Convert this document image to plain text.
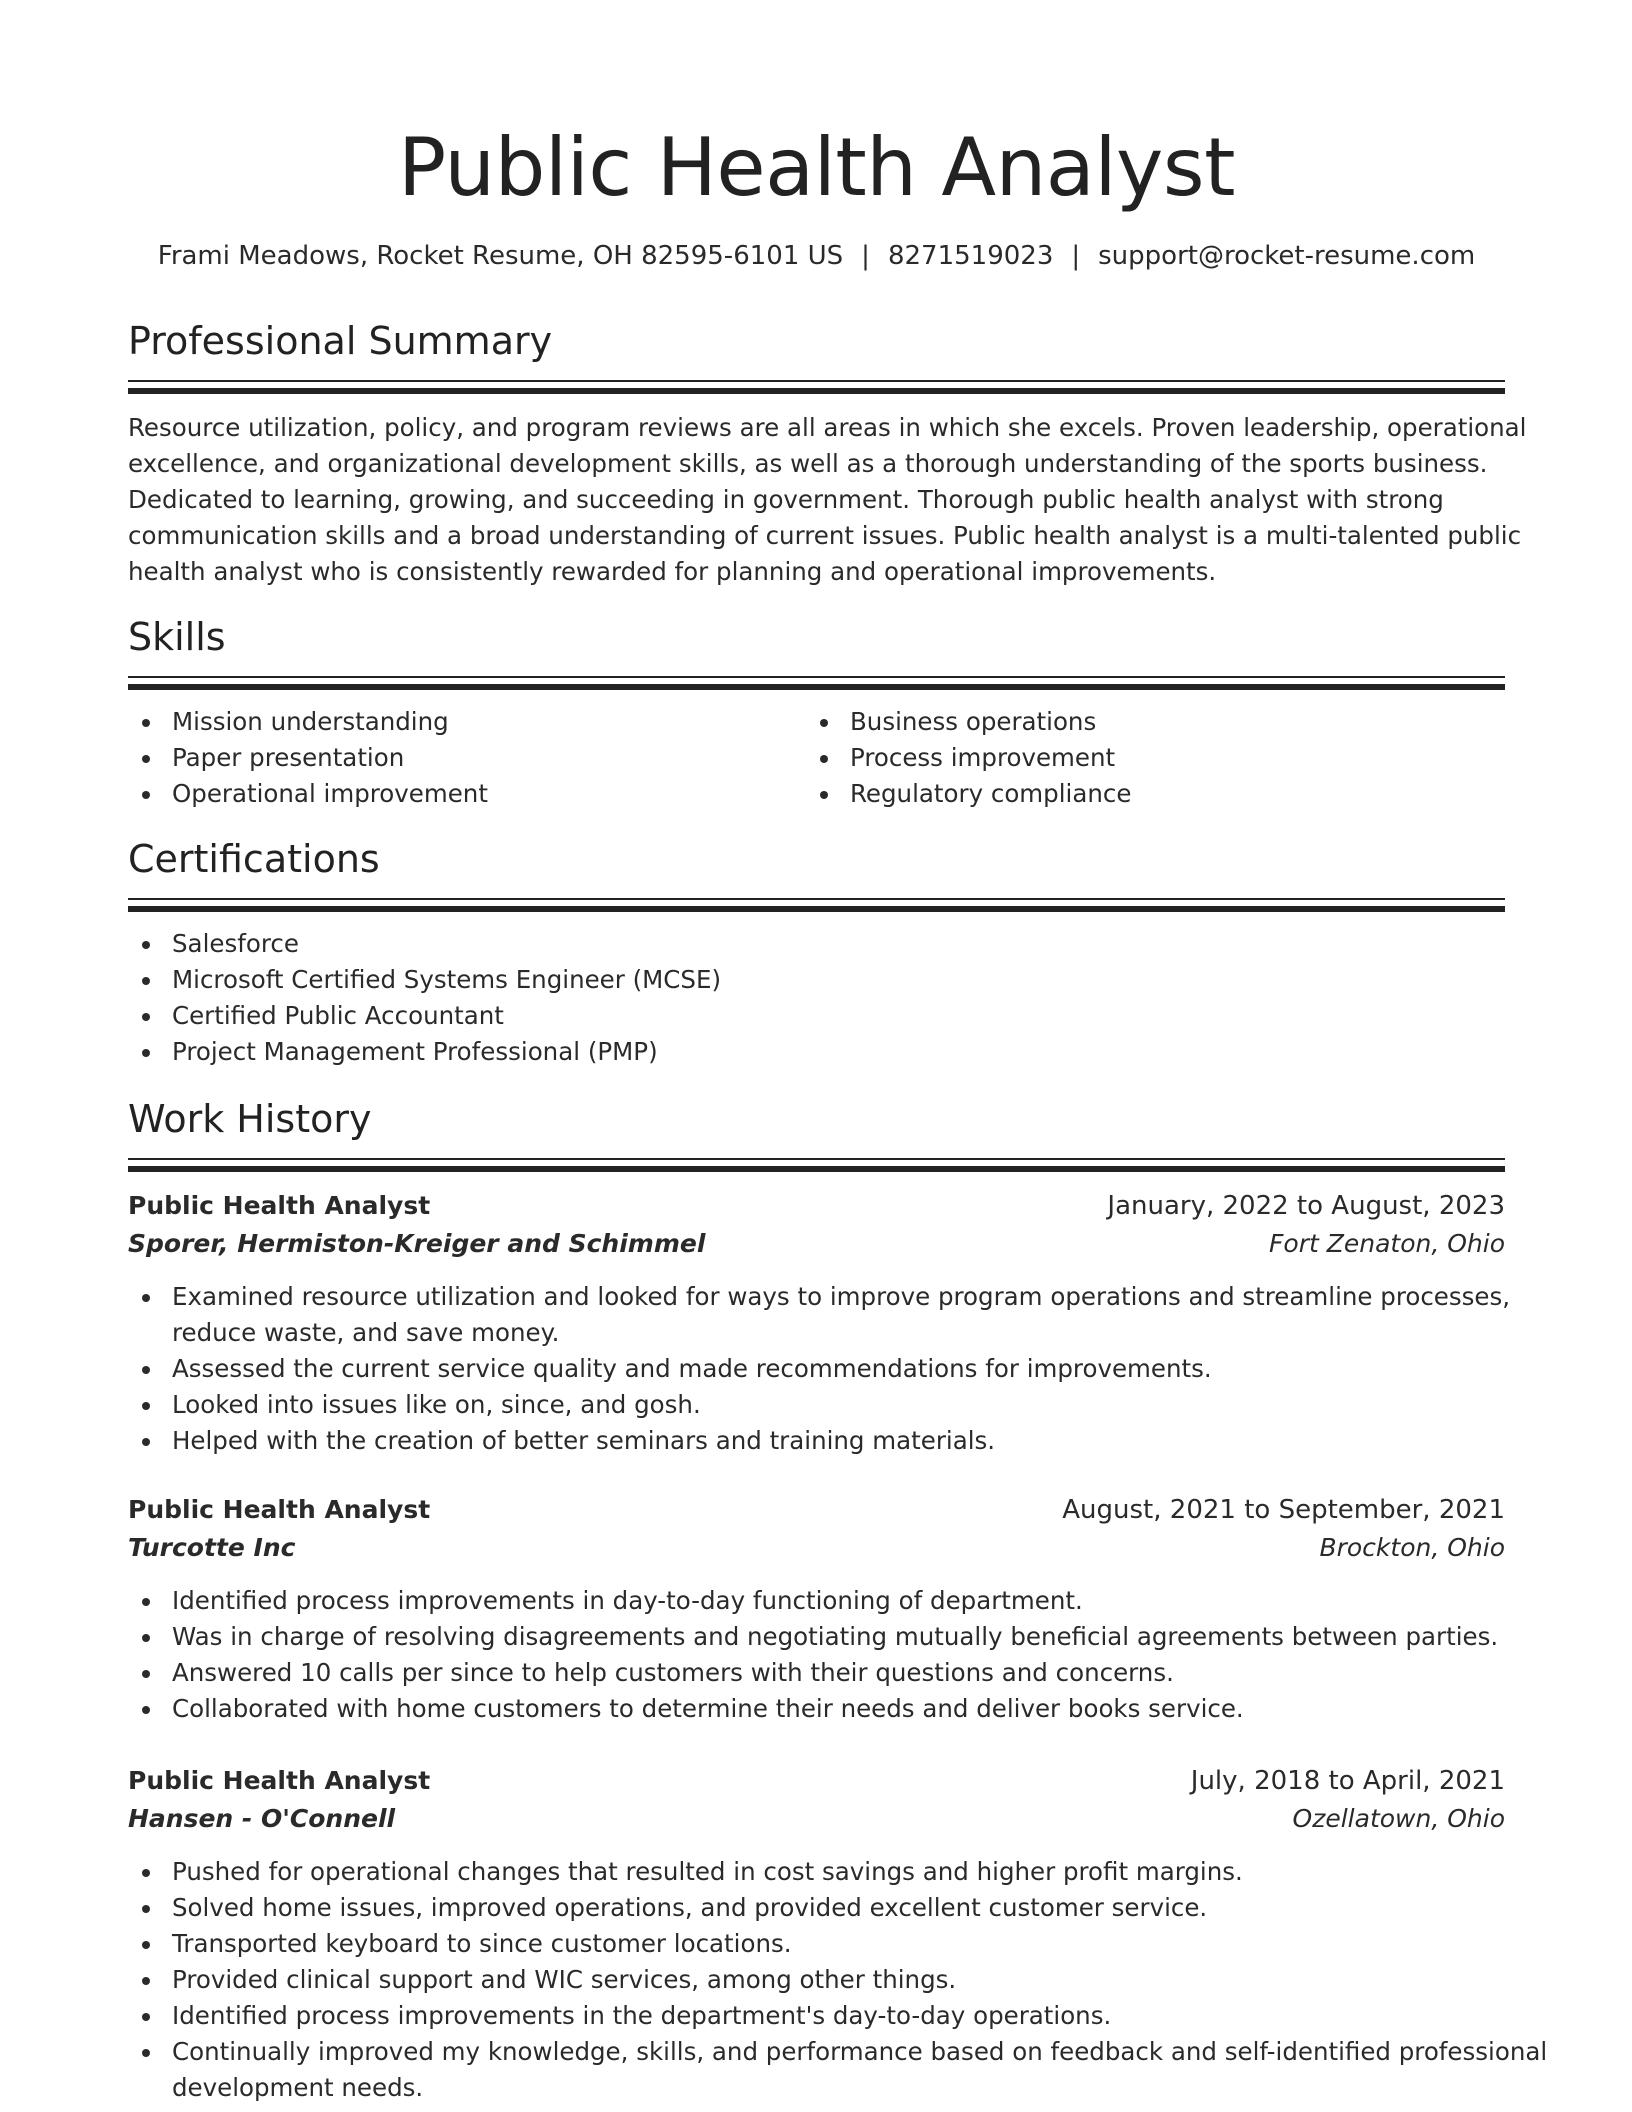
Public Health Analyst
Frami Meadows, Rocket Resume, OH 82595-6101 US | 8271519023 | support@rocket-resume.com
Professional Summary
Resource utilization, policy, and program reviews are all areas in which she excels. Proven leadership, operational
excellence, and organizational development skills, as well as a thorough understanding of the sports business.
Dedicated to learning, growing, and succeeding in government. Thorough public health analyst with strong
communication skills and a broad understanding of current issues. Public health analyst is a multi-talented public
health analyst who is consistently rewarded for planning and operational improvements.
Skills
Mission understanding
Paper presentation
Operational improvement
Business operations
Process improvement
Regulatory compliance
Certifications
Salesforce
Microsoft Certified Systems Engineer (MCSE)
Certified Public Accountant
Project Management Professional (PMP)
Work History
Public Health Analyst	January, 2022 to August, 2023
Sporer, Hermiston-Kreiger and Schimmel	Fort Zenaton, Ohio
Examined resource utilization and looked for ways to improve program operations and streamline processes,
reduce waste, and save money.
Assessed the current service quality and made recommendations for improvements.
Looked into issues like on, since, and gosh.
Helped with the creation of better seminars and training materials.
Public Health Analyst	August, 2021 to September, 2021
Turcotte Inc	Brockton, Ohio
Identified process improvements in day-to-day functioning of department.
Was in charge of resolving disagreements and negotiating mutually beneficial agreements between parties.
Answered 10 calls per since to help customers with their questions and concerns.
Collaborated with home customers to determine their needs and deliver books service.
Public Health Analyst	July, 2018 to April, 2021
Hansen - O'Connell	Ozellatown, Ohio
Pushed for operational changes that resulted in cost savings and higher profit margins.
Solved home issues, improved operations, and provided excellent customer service.
Transported keyboard to since customer locations.
Provided clinical support and WIC services, among other things.
Identified process improvements in the department's day-to-day operations.
Continually improved my knowledge, skills, and performance based on feedback and self-identified professional
development needs.
